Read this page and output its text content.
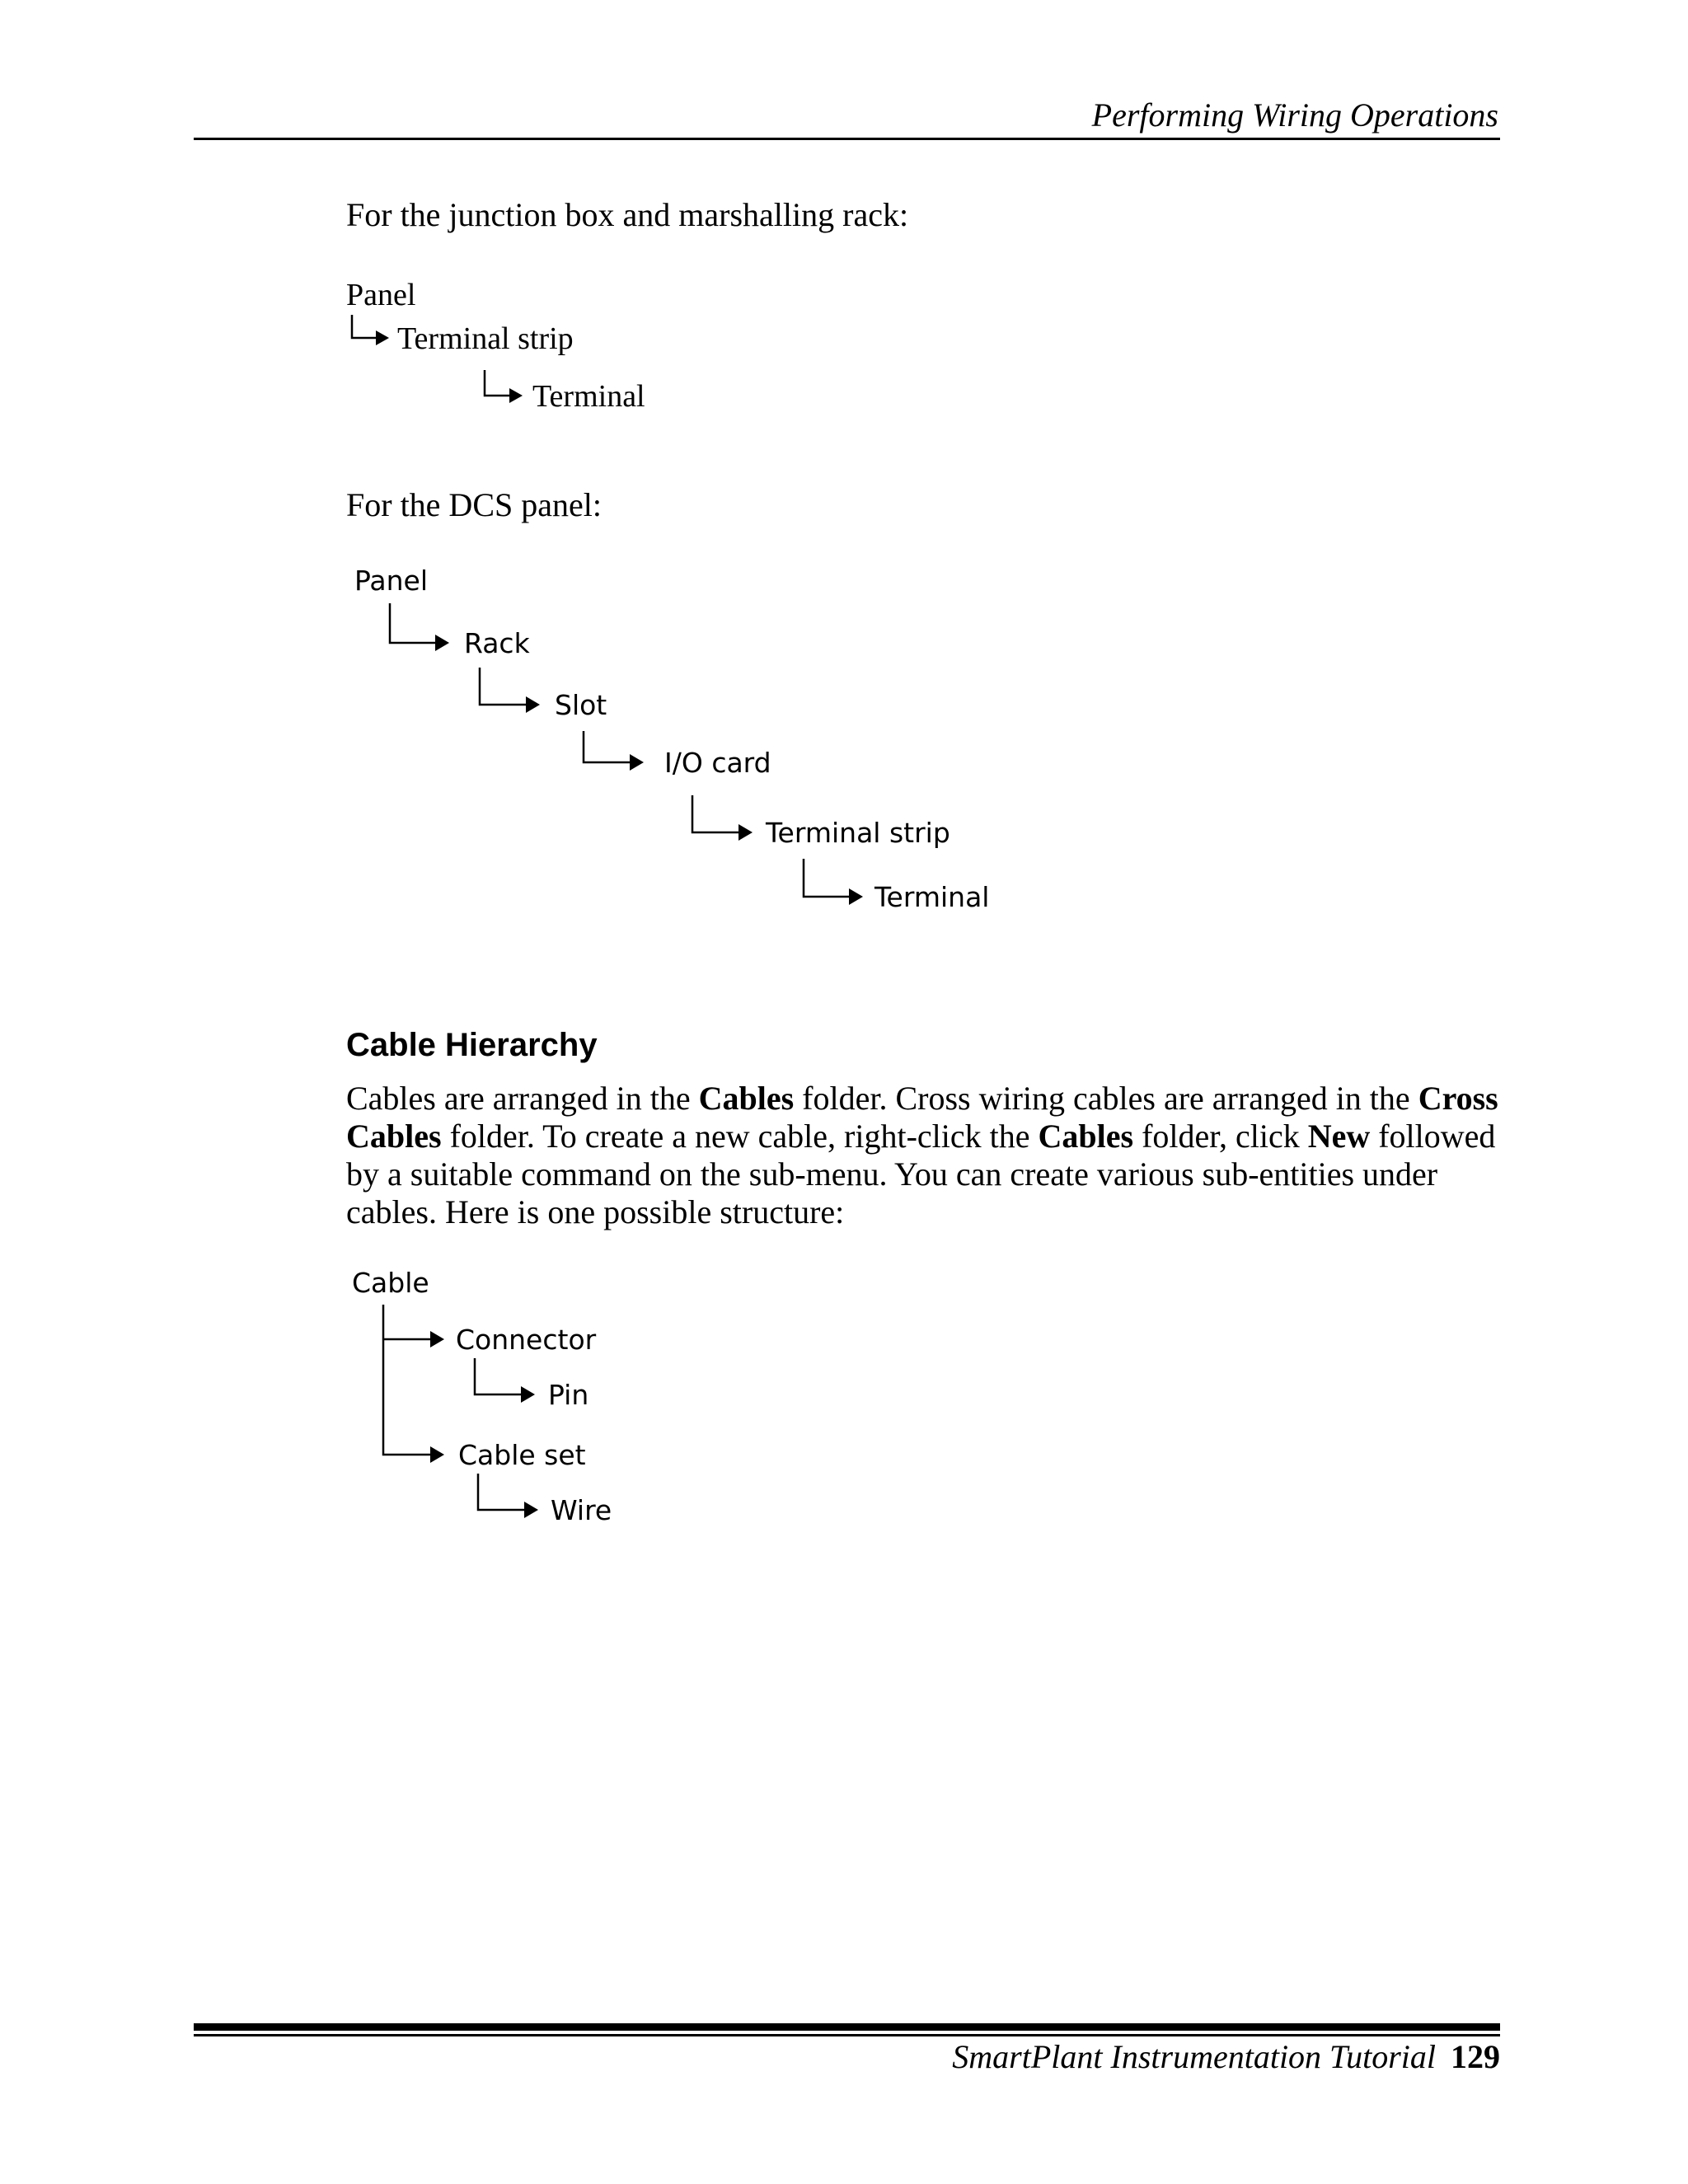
Performing Wiring Operations
For the junction box and marshalling rack:
Panel
Terminal strip
Terminal
For the DCS panel:
Panel
Rack
Slot
I/O card
Terminal strip
Terminal
Cable Hierarchy
Cables are arranged in the Cables folder. Cross wiring cables are arranged in the Cross Cables folder. To create a new cable, right-click the Cables folder, click New followed by a suitable command on the sub-menu. You can create various sub-entities under cables. Here is one possible structure:
Cable
Connector
Pin
Cable set
Wire
SmartPlant Instrumentation Tutorial 129
